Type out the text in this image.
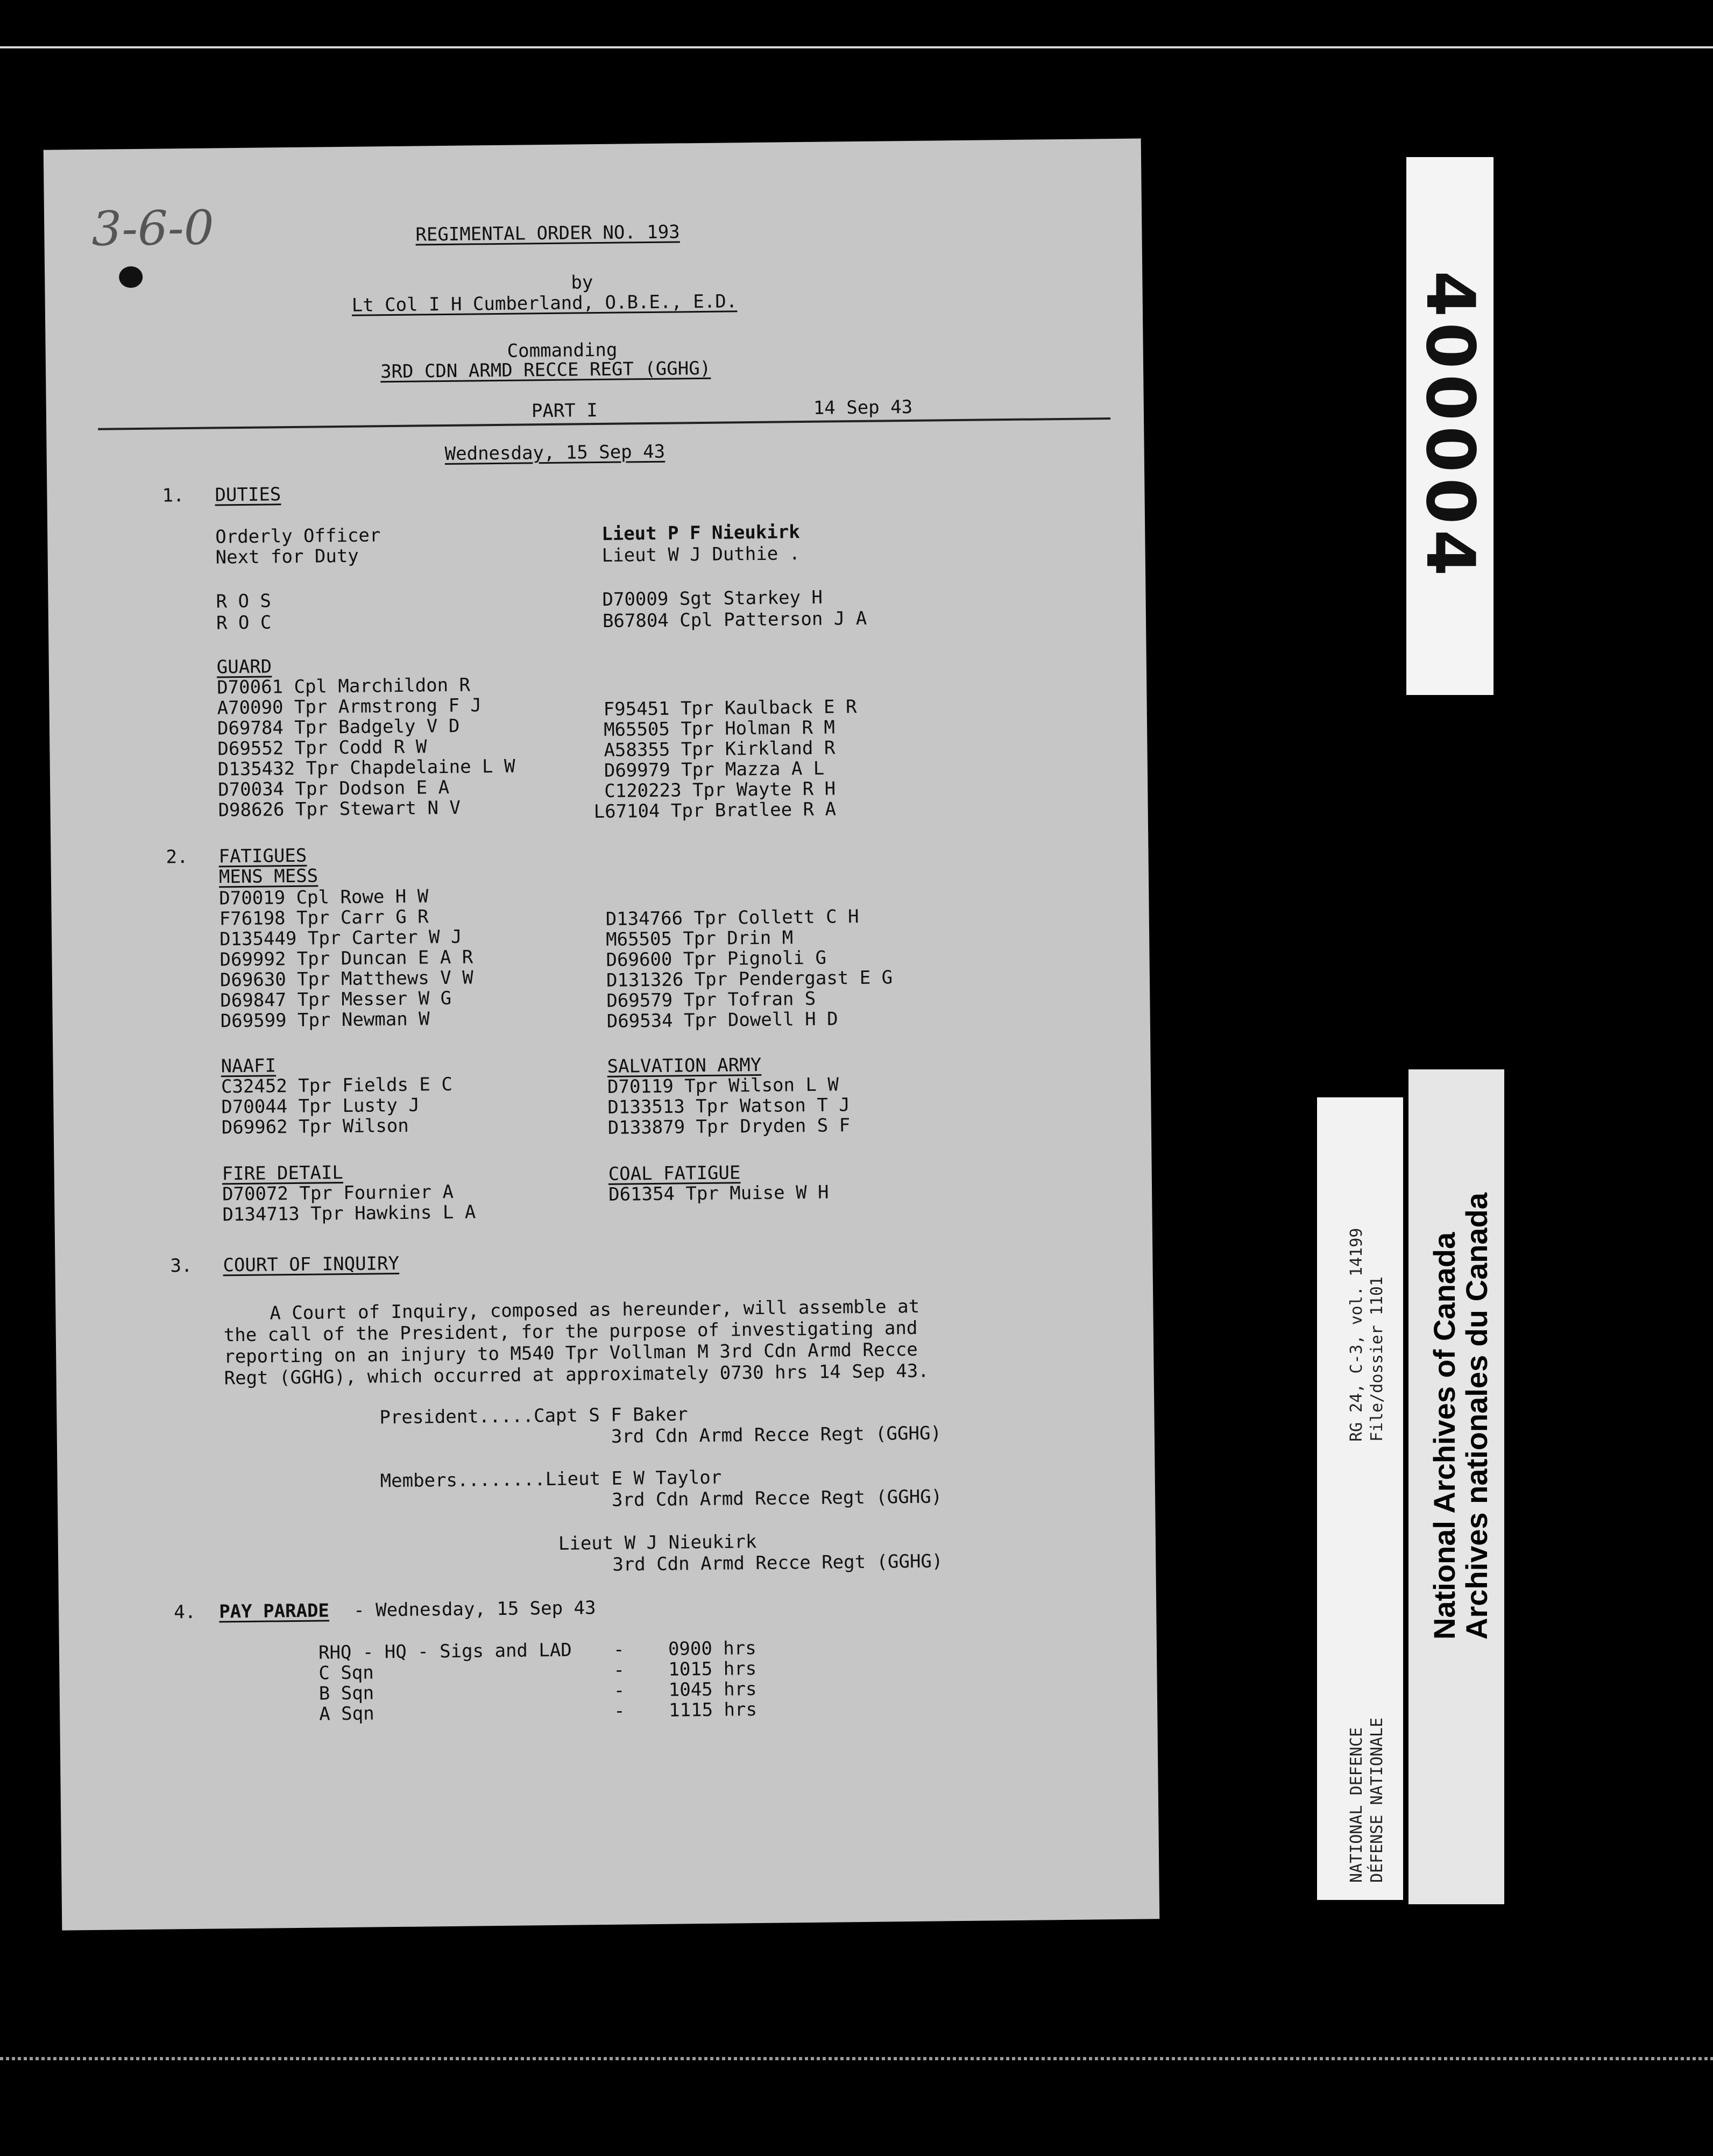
3-6-0	REGIMENTAL ORDER NO. 193
by
Lt Col I H Cumberland, O.B.E., E.D.
Commanding
3RD CDN ARMD RECCE REGT (GGHG)
PART I	14 Sep 43
Wednesday, 15 Sep 43
1. DUTIES
Orderly Officer	Lieut P F Nieukirk
Next for Duty	Lieut W J Duthie .
R O S	D70009 Sgt Starkey H
R O C	B67804 Cpl Patterson J A
GUARD
D70061 Cpl Marchildon R
A70090 Tpr Armstrong F J
D69784 Tpr Badgely V D
D69552 Tpr Codd R W
D135432 Tpr Chapdelaine L W
D70034 Tpr Dodson E A
D98626 Tpr Stewart N V
F95451 Tpr Kaulback E R
M65505 Tpr Holman R M
A58355 Tpr Kirkland R
D69979 Tpr Mazza A L
C120223 Tpr Wayte R H
L67104 Tpr Bratlee R A
2. FATIGUES
MENS MESS
D70019 Cpl Rowe H W
F76198 Tpr Carr G R
D135449 Tpr Carter W J
D69992 Tpr Duncan E A R
D69630 Tpr Matthews V W
D69847 Tpr Messer W G
D69599 Tpr Newman W
D134766 Tpr Collett C H
M65505 Tpr Drin M
D69600 Tpr Pignoli G
D131326 Tpr Pendergast E G
D69579 Tpr Tofran S
D69534 Tpr Dowell H D
NAAFI
C32452 Tpr Fields E C
D70044 Tpr Lusty J
D69962 Tpr Wilson
SALVATION ARMY
D70119 Tpr Wilson L W
D133513 Tpr Watson T J
D133879 Tpr Dryden S F
FIRE DETAIL
D70072 Tpr Fournier A
D134713 Tpr Hawkins L A
COAL FATIGUE
D61354 Tpr Muise W H
3. COURT OF INQUIRY
A Court of Inquiry, composed as hereunder, will assemble at
the call of the President, for the purpose of investigating and
reporting on an injury to M540 Tpr Vollman M 3rd Cdn Armd Recce
Regt (GGHG), which occurred at approximately 0730 hrs 14 Sep 43.
President.....Capt S F Baker
3rd Cdn Armd Recce Regt (GGHG)
Members........Lieut E W Taylor
3rd Cdn Armd Recce Regt (GGHG)
Lieut W J Nieukirk
3rd Cdn Armd Recce Regt (GGHG)
4. PAY PARADE - Wednesday, 15 Sep 43
RHQ - HQ - Sigs and LAD - 0900 hrs
C Sqn	- 1015 hrs
B Sqn	- 1045 hrs
A Sqn	- 1115 hrs
400004
RG 24, C-3, vol. 14199 File/dossier 1101
NATIONAL DEFENCE DÉFENSE NATIONALE
National Archives of Canada
Archives nationales du Canada
